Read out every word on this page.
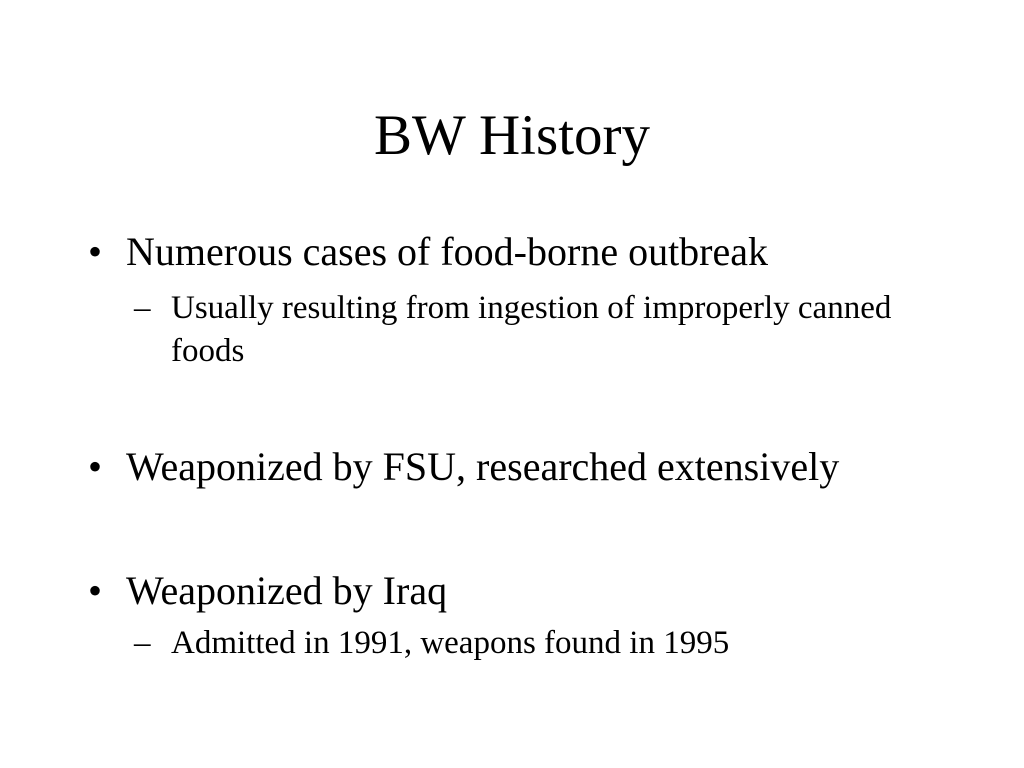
BW History
• Numerous cases of food-borne outbreak
– Usually resulting from ingestion of improperly canned foods
• Weaponized by FSU, researched extensively
• Weaponized by Iraq
– Admitted in 1991, weapons found in 1995
